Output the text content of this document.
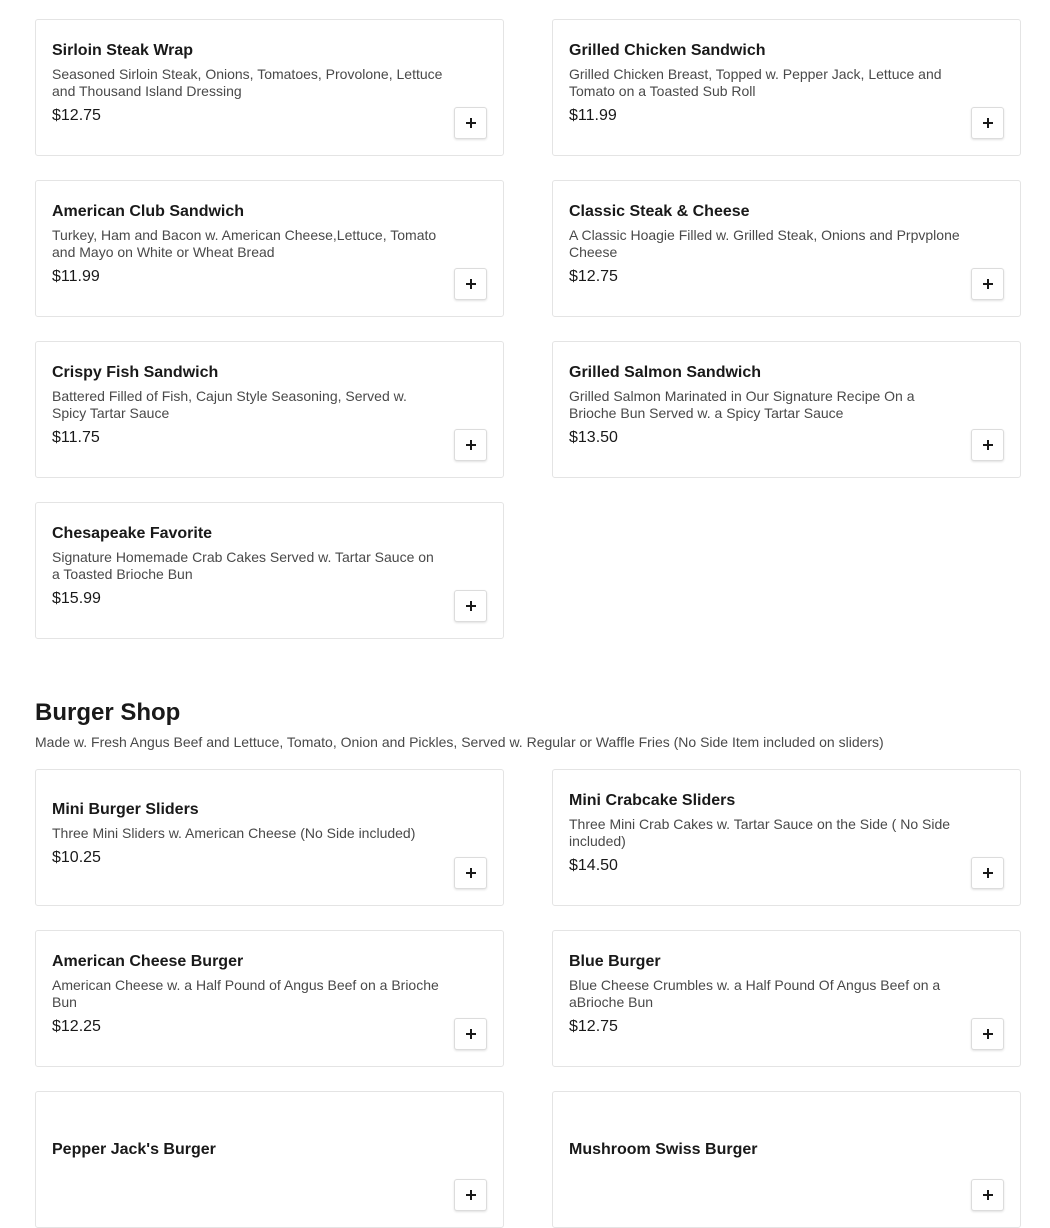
Sirloin Steak Wrap
Seasoned Sirloin Steak, Onions, Tomatoes, Provolone, Lettuce and Thousand Island Dressing
$12.75
Grilled Chicken Sandwich
Grilled Chicken Breast, Topped w. Pepper Jack, Lettuce and Tomato on a Toasted Sub Roll
$11.99
American Club Sandwich
Turkey, Ham and Bacon w. American Cheese,Lettuce, Tomato and Mayo on White or Wheat Bread
$11.99
Classic Steak & Cheese
A Classic Hoagie Filled w. Grilled Steak, Onions and Prpvplone Cheese
$12.75
Crispy Fish Sandwich
Battered Filled of Fish, Cajun Style Seasoning, Served w. Spicy Tartar Sauce
$11.75
Grilled Salmon Sandwich
Grilled Salmon Marinated in Our Signature Recipe On a Brioche Bun Served w. a Spicy Tartar Sauce
$13.50
Chesapeake Favorite
Signature Homemade Crab Cakes Served w. Tartar Sauce on a Toasted Brioche Bun
$15.99
Burger Shop
Made w. Fresh Angus Beef and Lettuce, Tomato, Onion and Pickles, Served w. Regular or Waffle Fries (No Side Item included on sliders)
Mini Burger Sliders
Three Mini Sliders w. American Cheese (No Side included)
$10.25
Mini Crabcake Sliders
Three Mini Crab Cakes w. Tartar Sauce on the Side ( No Side included)
$14.50
American Cheese Burger
American Cheese w. a Half Pound of Angus Beef on a Brioche Bun
$12.25
Blue Burger
Blue Cheese Crumbles w. a Half Pound Of Angus Beef on a aBrioche Bun
$12.75
Pepper Jack's Burger	Mushroom Swiss Burger
